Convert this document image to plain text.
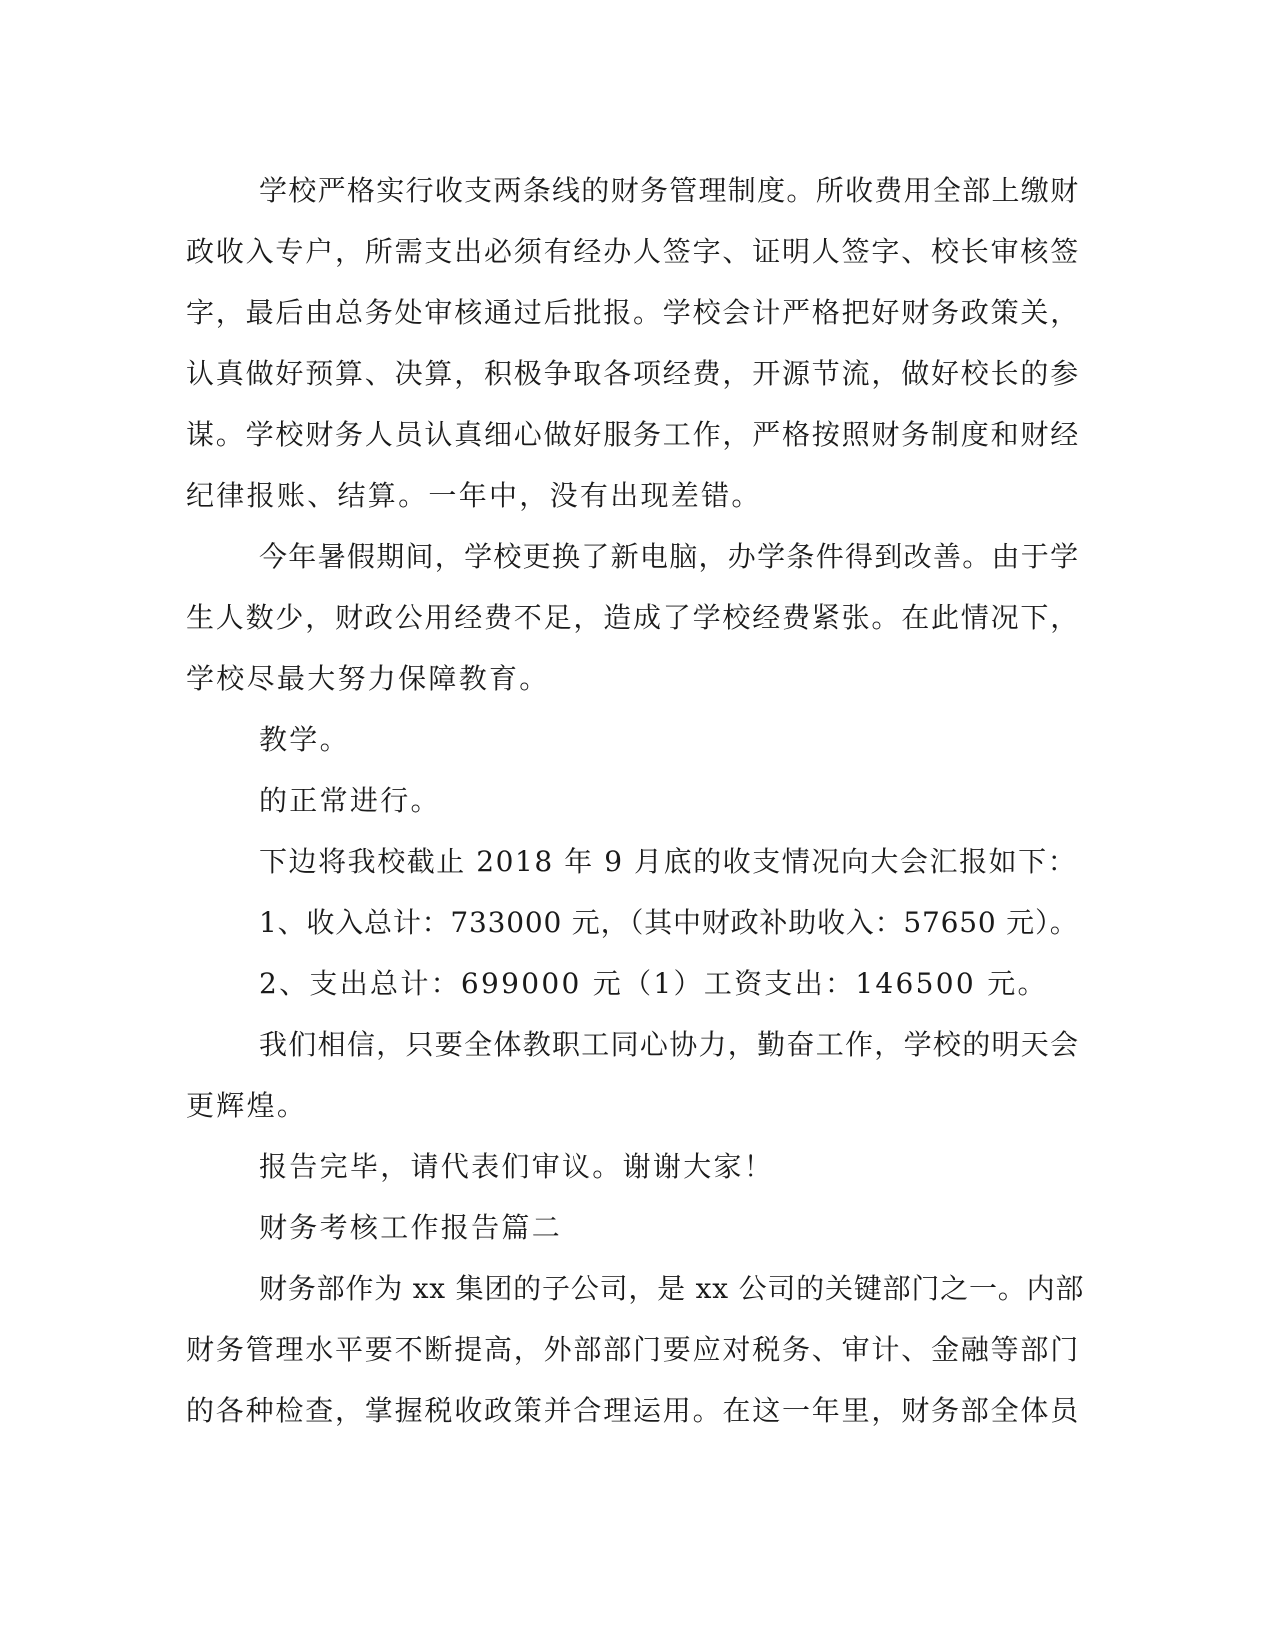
学校严格实行收支两条线的财务管理制度。所收费用全部上缴财
政收入专户，所需支出必须有经办人签字、证明人签字、校长审核签
字，最后由总务处审核通过后批报。学校会计严格把好财务政策关，
认真做好预算、决算，积极争取各项经费，开源节流，做好校长的参
谋。学校财务人员认真细心做好服务工作，严格按照财务制度和财经
纪律报账、结算。一年中，没有出现差错。
今年暑假期间，学校更换了新电脑，办学条件得到改善。由于学
生人数少，财政公用经费不足，造成了学校经费紧张。在此情况下，
学校尽最大努力保障教育。
教学。
的正常进行。
下边将我校截止 2018 年 9 月底的收支情况向大会汇报如下：
1、收入总计：733000 元，（其中财政补助收入：57650 元）。
2、支出总计：699000 元（1）工资支出：146500 元。
我们相信，只要全体教职工同心协力，勤奋工作，学校的明天会
更辉煌。
报告完毕，请代表们审议。谢谢大家！
财务考核工作报告篇二
财务部作为 xx 集团的子公司，是 xx 公司的关键部门之一。内部
财务管理水平要不断提高，外部部门要应对税务、审计、金融等部门
的各种检查，掌握税收政策并合理运用。在这一年里，财务部全体员
